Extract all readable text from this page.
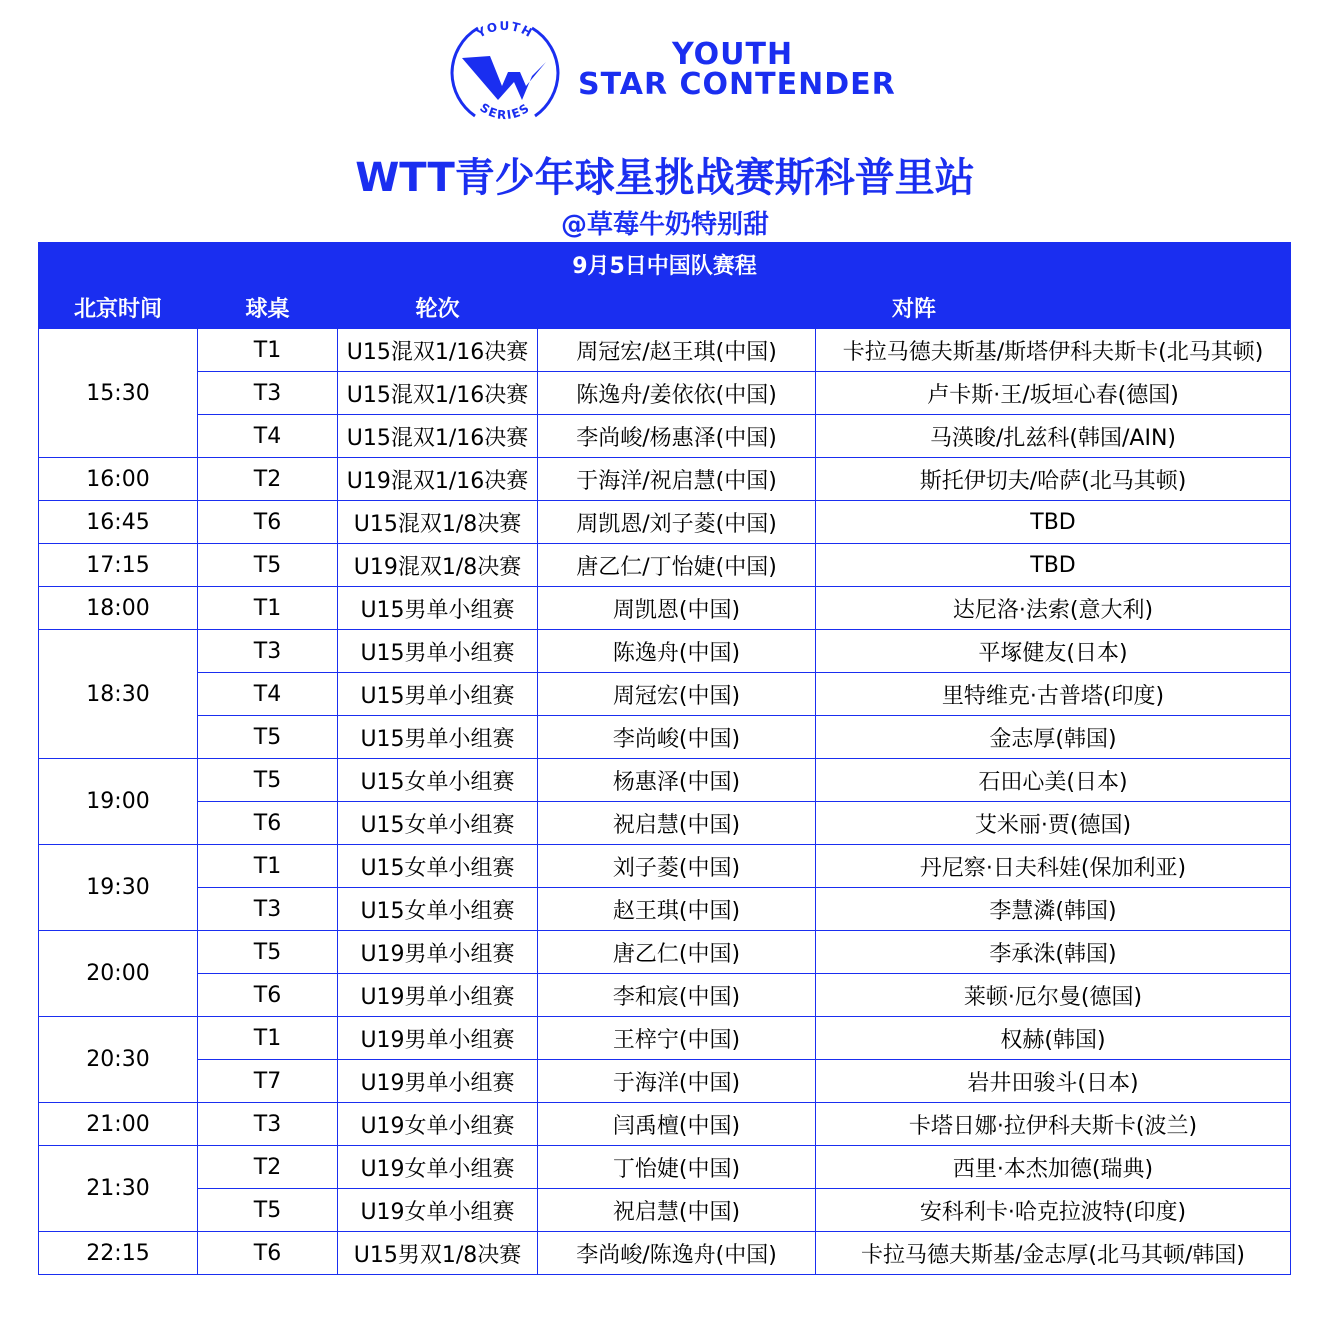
YOUTH
SERIES
YOUTH
STAR CONTENDER
WTT青少年球星挑战赛斯科普里站
@草莓牛奶特别甜
9月5日中国队赛程				
北京时间	球桌	轮次	对阵	
15:30	T1	U15混双1/16决赛	周冠宏/赵王琪(中国)	卡拉马德夫斯基/斯塔伊科夫斯卡(北马其顿)
	T3	U15混双1/16决赛	陈逸舟/姜依依(中国)	卢卡斯·王/坂垣心春(德国)
	T4	U15混双1/16决赛	李尚峻/杨惠泽(中国)	马渶晙/扎兹科(韩国/AIN)
16:00	T2	U19混双1/16决赛	于海洋/祝启慧(中国)	斯托伊切夫/哈萨(北马其顿)
16:45	T6	U15混双1/8决赛	周凯恩/刘子菱(中国)	TBD
17:15	T5	U19混双1/8决赛	唐乙仁/丁怡婕(中国)	TBD
18:00	T1	U15男单小组赛	周凯恩(中国)	达尼洛·法索(意大利)
18:30	T3	U15男单小组赛	陈逸舟(中国)	平塚健友(日本)
	T4	U15男单小组赛	周冠宏(中国)	里特维克·古普塔(印度)
	T5	U15男单小组赛	李尚峻(中国)	金志厚(韩国)
19:00	T5	U15女单小组赛	杨惠泽(中国)	石田心美(日本)
	T6	U15女单小组赛	祝启慧(中国)	艾米丽·贾(德国)
19:30	T1	U15女单小组赛	刘子菱(中国)	丹尼察·日夫科娃(保加利亚)
	T3	U15女单小组赛	赵王琪(中国)	李慧潾(韩国)
20:00	T5	U19男单小组赛	唐乙仁(中国)	李承洙(韩国)
	T6	U19男单小组赛	李和宸(中国)	莱顿·厄尔曼(德国)
20:30	T1	U19男单小组赛	王梓宁(中国)	权赫(韩国)
	T7	U19男单小组赛	于海洋(中国)	岩井田骏斗(日本)
21:00	T3	U19女单小组赛	闫禹檀(中国)	卡塔日娜·拉伊科夫斯卡(波兰)
21:30	T2	U19女单小组赛	丁怡婕(中国)	西里·本杰加德(瑞典)
	T5	U19女单小组赛	祝启慧(中国)	安科利卡·哈克拉波特(印度)
22:15	T6	U15男双1/8决赛	李尚峻/陈逸舟(中国)	卡拉马德夫斯基/金志厚(北马其顿/韩国)
